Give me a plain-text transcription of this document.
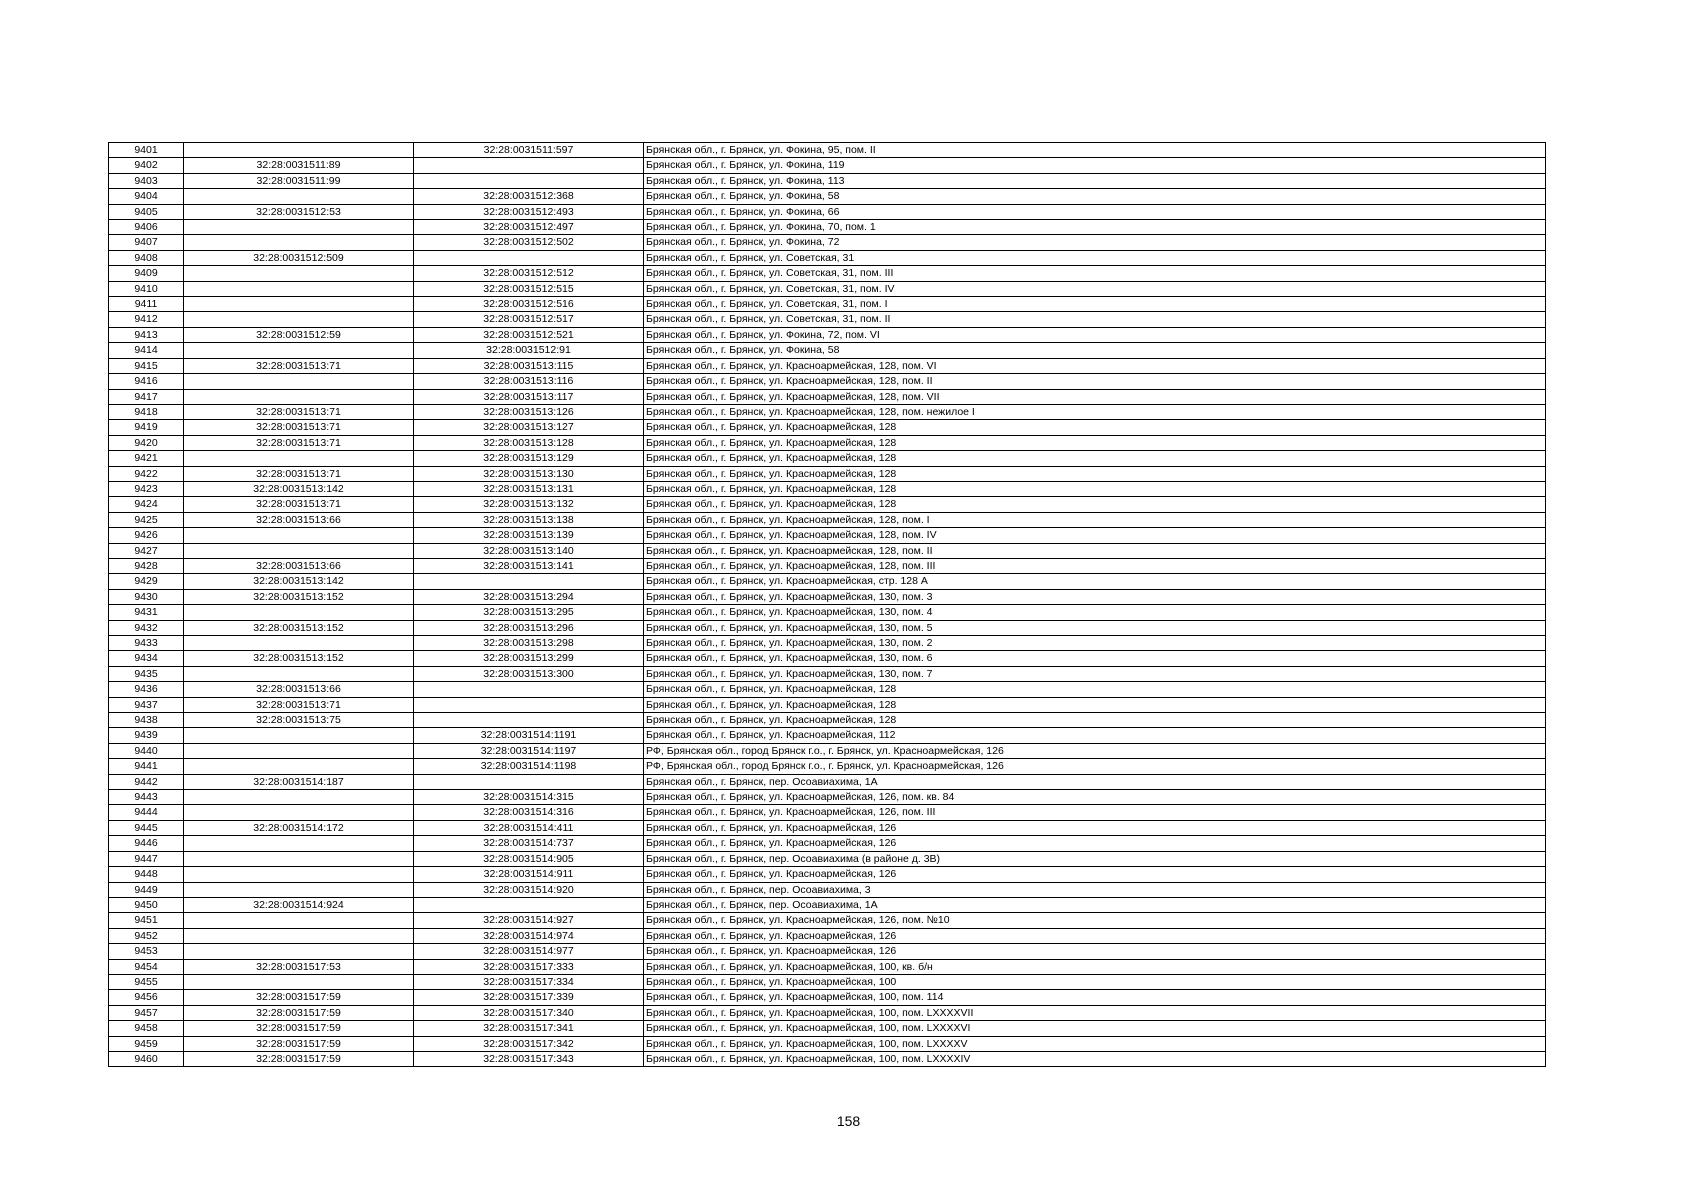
9401		32:28:0031511:597	Брянская обл., г. Брянск, ул. Фокина, 95, пом. II
9402	32:28:0031511:89		Брянская обл., г. Брянск, ул. Фокина, 119
9403	32:28:0031511:99		Брянская обл., г. Брянск, ул. Фокина, 113
9404		32:28:0031512:368	Брянская обл., г. Брянск, ул. Фокина, 58
9405	32:28:0031512:53	32:28:0031512:493	Брянская обл., г. Брянск, ул. Фокина, 66
9406		32:28:0031512:497	Брянская обл., г. Брянск, ул. Фокина, 70, пом. 1
9407		32:28:0031512:502	Брянская обл., г. Брянск, ул. Фокина, 72
9408	32:28:0031512:509		Брянская обл., г. Брянск, ул. Советская, 31
9409		32:28:0031512:512	Брянская обл., г. Брянск, ул. Советская, 31, пом. III
9410		32:28:0031512:515	Брянская обл., г. Брянск, ул. Советская, 31, пом. IV
9411		32:28:0031512:516	Брянская обл., г. Брянск, ул. Советская, 31, пом. I
9412		32:28:0031512:517	Брянская обл., г. Брянск, ул. Советская, 31, пом. II
9413	32:28:0031512:59	32:28:0031512:521	Брянская обл., г. Брянск, ул. Фокина, 72, пом. VI
9414		32:28:0031512:91	Брянская обл., г. Брянск, ул. Фокина, 58
9415	32:28:0031513:71	32:28:0031513:115	Брянская обл., г. Брянск, ул. Красноармейская, 128, пом. VI
9416		32:28:0031513:116	Брянская обл., г. Брянск, ул. Красноармейская, 128, пом. II
9417		32:28:0031513:117	Брянская обл., г. Брянск, ул. Красноармейская, 128, пом. VII
9418	32:28:0031513:71	32:28:0031513:126	Брянская обл., г. Брянск, ул. Красноармейская, 128, пом. нежилое I
9419	32:28:0031513:71	32:28:0031513:127	Брянская обл., г. Брянск, ул. Красноармейская, 128
9420	32:28:0031513:71	32:28:0031513:128	Брянская обл., г. Брянск, ул. Красноармейская, 128
9421		32:28:0031513:129	Брянская обл., г. Брянск, ул. Красноармейская, 128
9422	32:28:0031513:71	32:28:0031513:130	Брянская обл., г. Брянск, ул. Красноармейская, 128
9423	32:28:0031513:142	32:28:0031513:131	Брянская обл., г. Брянск, ул. Красноармейская, 128
9424	32:28:0031513:71	32:28:0031513:132	Брянская обл., г. Брянск, ул. Красноармейская, 128
9425	32:28:0031513:66	32:28:0031513:138	Брянская обл., г. Брянск, ул. Красноармейская, 128, пом. I
9426		32:28:0031513:139	Брянская обл., г. Брянск, ул. Красноармейская, 128, пом. IV
9427		32:28:0031513:140	Брянская обл., г. Брянск, ул. Красноармейская, 128, пом. II
9428	32:28:0031513:66	32:28:0031513:141	Брянская обл., г. Брянск, ул. Красноармейская, 128, пом. III
9429	32:28:0031513:142		Брянская обл., г. Брянск, ул. Красноармейская, стр. 128 А
9430	32:28:0031513:152	32:28:0031513:294	Брянская обл., г. Брянск, ул. Красноармейская, 130, пом. 3
9431		32:28:0031513:295	Брянская обл., г. Брянск, ул. Красноармейская, 130, пом. 4
9432	32:28:0031513:152	32:28:0031513:296	Брянская обл., г. Брянск, ул. Красноармейская, 130, пом. 5
9433		32:28:0031513:298	Брянская обл., г. Брянск, ул. Красноармейская, 130, пом. 2
9434	32:28:0031513:152	32:28:0031513:299	Брянская обл., г. Брянск, ул. Красноармейская, 130, пом. 6
9435		32:28:0031513:300	Брянская обл., г. Брянск, ул. Красноармейская, 130, пом. 7
9436	32:28:0031513:66		Брянская обл., г. Брянск, ул. Красноармейская, 128
9437	32:28:0031513:71		Брянская обл., г. Брянск, ул. Красноармейская, 128
9438	32:28:0031513:75		Брянская обл., г. Брянск, ул. Красноармейская, 128
9439		32:28:0031514:1191	Брянская обл., г. Брянск, ул. Красноармейская, 112
9440		32:28:0031514:1197	РФ, Брянская обл., город Брянск г.о., г. Брянск, ул. Красноармейская, 126
9441		32:28:0031514:1198	РФ, Брянская обл., город Брянск г.о., г. Брянск, ул. Красноармейская, 126
9442	32:28:0031514:187		Брянская обл., г. Брянск, пер. Осоавиахима, 1А
9443		32:28:0031514:315	Брянская обл., г. Брянск, ул. Красноармейская, 126, пом. кв. 84
9444		32:28:0031514:316	Брянская обл., г. Брянск, ул. Красноармейская, 126, пом. III
9445	32:28:0031514:172	32:28:0031514:411	Брянская обл., г. Брянск, ул. Красноармейская, 126
9446		32:28:0031514:737	Брянская обл., г. Брянск, ул. Красноармейская, 126
9447		32:28:0031514:905	Брянская обл., г. Брянск, пер. Осоавиахима (в районе д. 3В)
9448		32:28:0031514:911	Брянская обл., г. Брянск, ул. Красноармейская, 126
9449		32:28:0031514:920	Брянская обл., г. Брянск, пер. Осоавиахима, 3
9450	32:28:0031514:924		Брянская обл., г. Брянск, пер. Осоавиахима, 1А
9451		32:28:0031514:927	Брянская обл., г. Брянск, ул. Красноармейская, 126, пом. №10
9452		32:28:0031514:974	Брянская обл., г. Брянск, ул. Красноармейская, 126
9453		32:28:0031514:977	Брянская обл., г. Брянск, ул. Красноармейская, 126
9454	32:28:0031517:53	32:28:0031517:333	Брянская обл., г. Брянск, ул. Красноармейская, 100, кв. б/н
9455		32:28:0031517:334	Брянская обл., г. Брянск, ул. Красноармейская, 100
9456	32:28:0031517:59	32:28:0031517:339	Брянская обл., г. Брянск, ул. Красноармейская, 100, пом. 114
9457	32:28:0031517:59	32:28:0031517:340	Брянская обл., г. Брянск, ул. Красноармейская, 100, пом. LXXXXVII
9458	32:28:0031517:59	32:28:0031517:341	Брянская обл., г. Брянск, ул. Красноармейская, 100, пом. LXXXXVI
9459	32:28:0031517:59	32:28:0031517:342	Брянская обл., г. Брянск, ул. Красноармейская, 100, пом. LXXXXV
9460	32:28:0031517:59	32:28:0031517:343	Брянская обл., г. Брянск, ул. Красноармейская, 100, пом. LXXXXIV
158
